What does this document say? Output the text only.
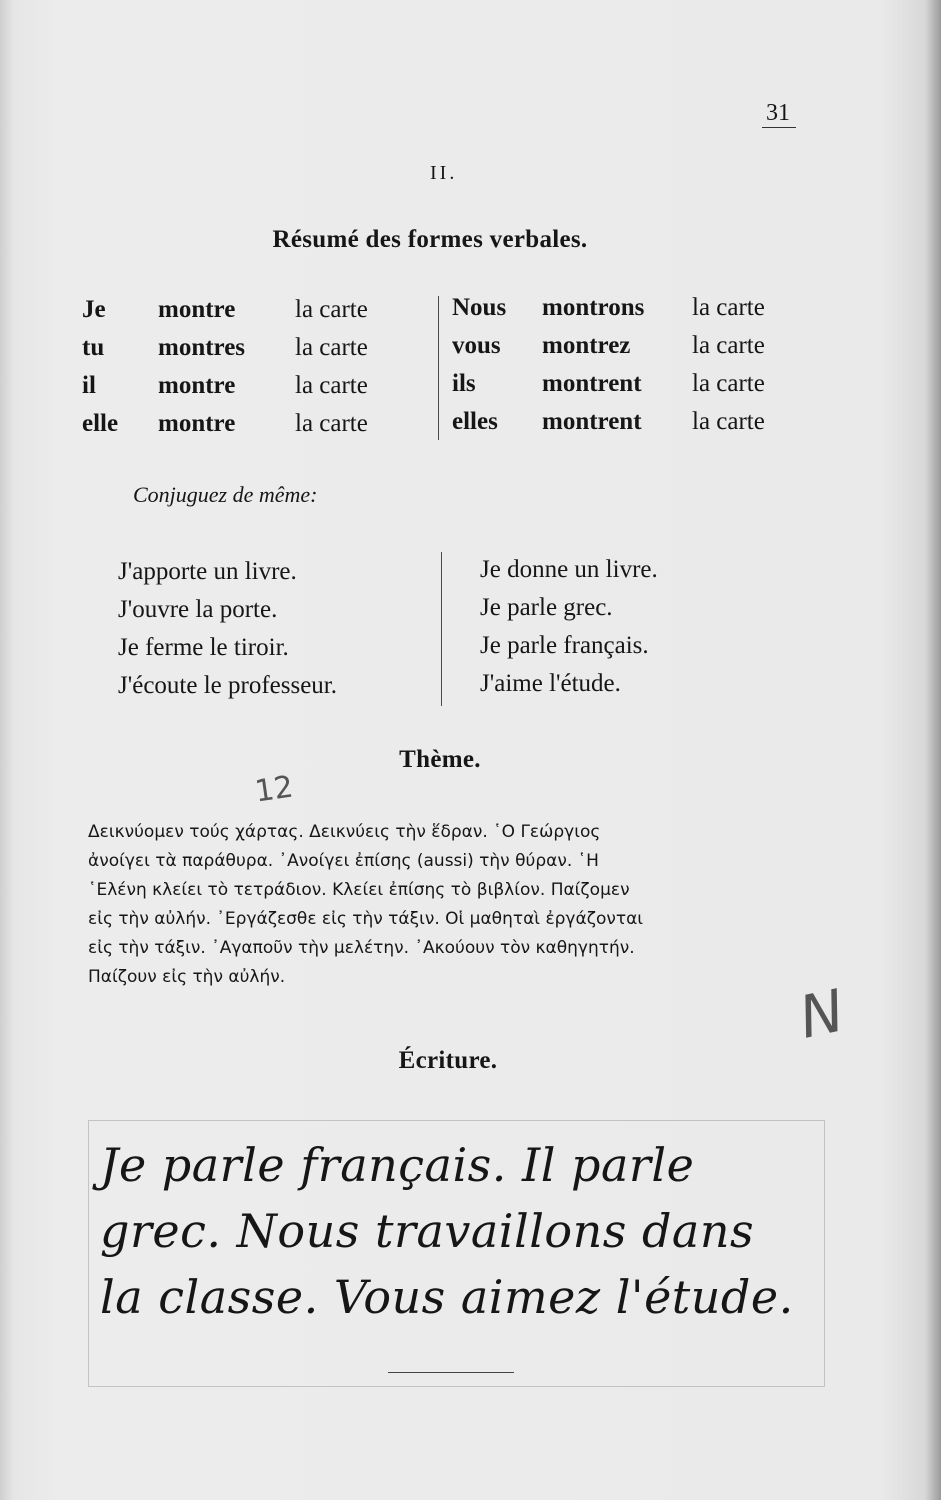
31
II.
Résumé des formes verbales.
Je montre la carte
tu montres la carte
il montre la carte
elle montre la carte
Nous montrons la carte
vous montrez la carte
ils	montrent la carte
elles montrent la carte
Conjuguez de même:
J'apporte un livre.
J'ouvre la porte.
Je ferme le tiroir.
J'écoute le professeur.
Je donne un livre.
Je parle grec.
Je parle français.
J'aime l'étude.
Thème.
12
Δεικνύομεν τούς χάρτας. Δεικνύεις τὴν ἕδραν. ῾Ο Γεώργιος
ἀνοίγει τὰ παράθυρα. ᾿Ανοίγει ἐπίσης (aussi) τὴν θύραν. ῾Η
῾Ελένη κλείει τὸ τετράδιον. Κλείει ἐπίσης τὸ βιβλίον. Παίζομεν
εἰς τὴν αὐλήν. ᾿Εργάζεσθε εἰς τὴν τάξιν. Οἱ μαθηταὶ ἐργάζονται
εἰς τὴν τάξιν. ᾿Αγαποῦν τὴν μελέτην. ᾿Ακούουν τὸν καθηγητήν.
Παίζουν εἰς τὴν αὐλήν.	N
Écriture.
Je parle français. Il parle
grec. Nous travaillons dans
la classe. Vous aimez l'étude.
